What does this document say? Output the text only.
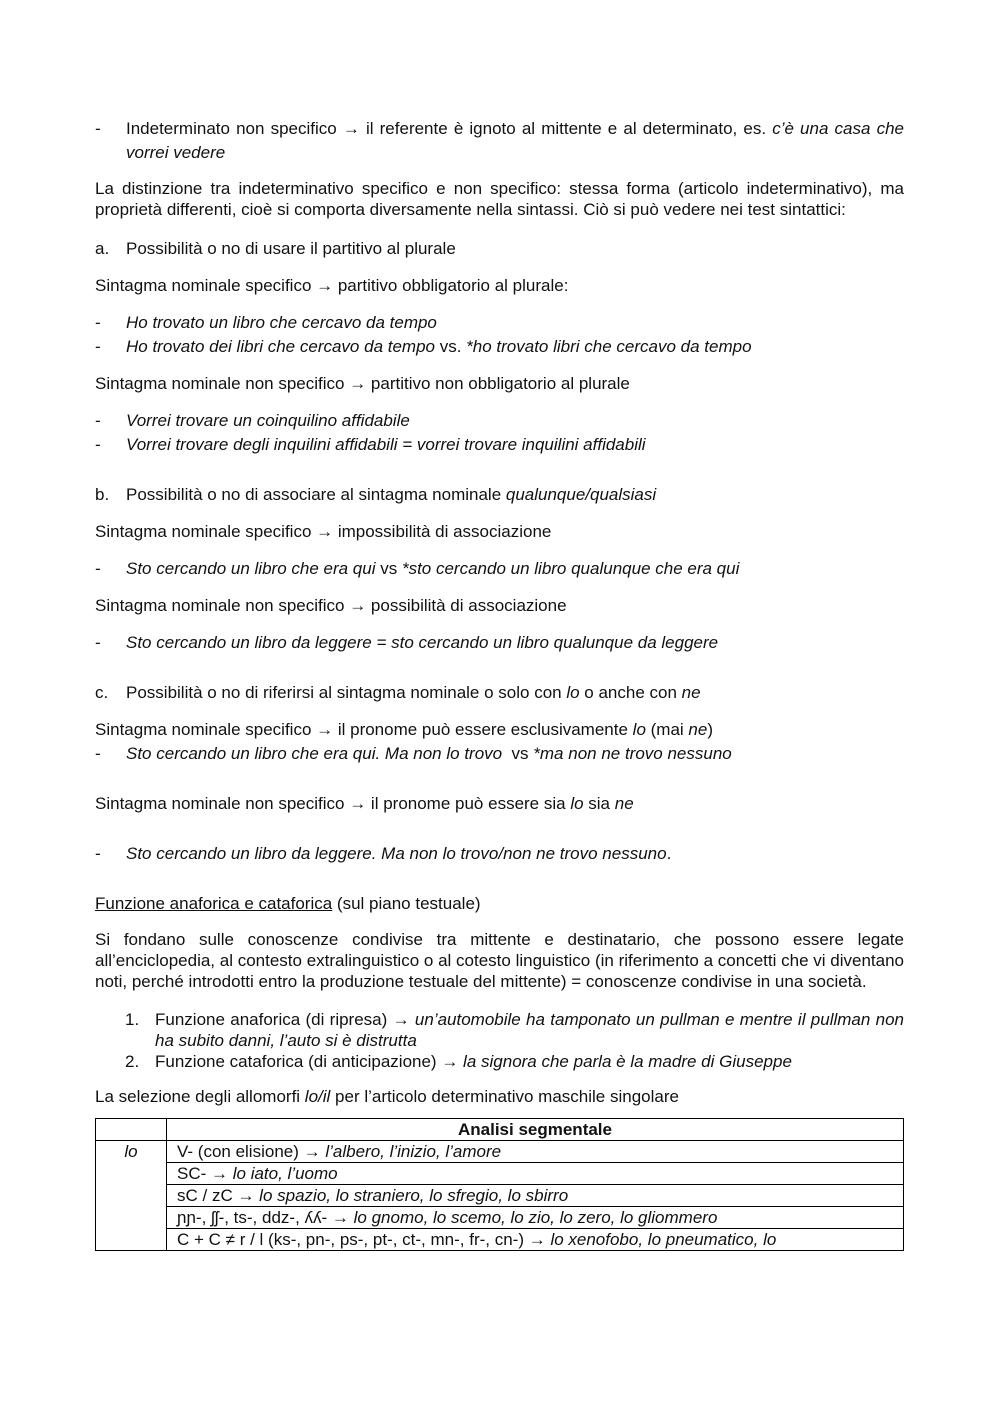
-	Indeterminato non specifico → il referente è ignoto al mittente e al determinato, es. c’è una casa che vorrei vedere

La distinzione tra indeterminativo specifico e non specifico: stessa forma (articolo indeterminativo), ma proprietà differenti, cioè si comporta diversamente nella sintassi. Ciò si può vedere nei test sintattici:

a. Possibilità o no di usare il partitivo al plurale
Sintagma nominale specifico → partitivo obbligatorio al plurale:
-	Ho trovato un libro che cercavo da tempo
-	Ho trovato dei libri che cercavo da tempo vs. *ho trovato libri che cercavo da tempo
Sintagma nominale non specifico → partitivo non obbligatorio al plurale
-	Vorrei trovare un coinquilino affidabile
-	Vorrei trovare degli inquilini affidabili = vorrei trovare inquilini affidabili
b. Possibilità o no di associare al sintagma nominale qualunque/qualsiasi
Sintagma nominale specifico → impossibilità di associazione
-	Sto cercando un libro che era qui vs *sto cercando un libro qualunque che era qui
Sintagma nominale non specifico → possibilità di associazione
-	Sto cercando un libro da leggere = sto cercando un libro qualunque da leggere
c.	Possibilità o no di riferirsi al sintagma nominale o solo con lo o anche con ne
Sintagma nominale specifico → il pronome può essere esclusivamente lo (mai ne)
-	Sto cercando un libro che era qui. Ma non lo trovo  vs *ma non ne trovo nessuno
Sintagma nominale non specifico → il pronome può essere sia lo sia ne
-	Sto cercando un libro da leggere. Ma non lo trovo/non ne trovo nessuno.
Funzione anaforica e cataforica (sul piano testuale)

Si fondano sulle conoscenze condivise tra mittente e destinatario, che possono essere legate all’enciclopedia, al contesto extralinguistico o al cotesto linguistico (in riferimento a concetti che vi diventano noti, perché introdotti entro la produzione testuale del mittente) = conoscenze condivise in una società.

1. Funzione anaforica (di ripresa) → un’automobile ha tamponato un pullman e mentre il pullman non ha subito danni, l’auto si è distrutta
2. Funzione cataforica (di anticipazione) → la signora che parla è la madre di Giuseppe
La selezione degli allomorfi lo/il per l’articolo determinativo maschile singolare
	Analisi segmentale
lo	V- (con elisione) → l’albero, l’inizio, l’amore
	SC- → lo iato, l’uomo
	sC / zC → lo spazio, lo straniero, lo sfregio, lo sbirro
	ɲɲ-, ʃʃ-, ts-, ddz-, ʎʎ- → lo gnomo, lo scemo, lo zio, lo zero, lo gliommero
	C + C ≠ r / l (ks-, pn-, ps-, pt-, ct-, mn-, fr-, cn-) → lo xenofobo, lo pneumatico, lo
